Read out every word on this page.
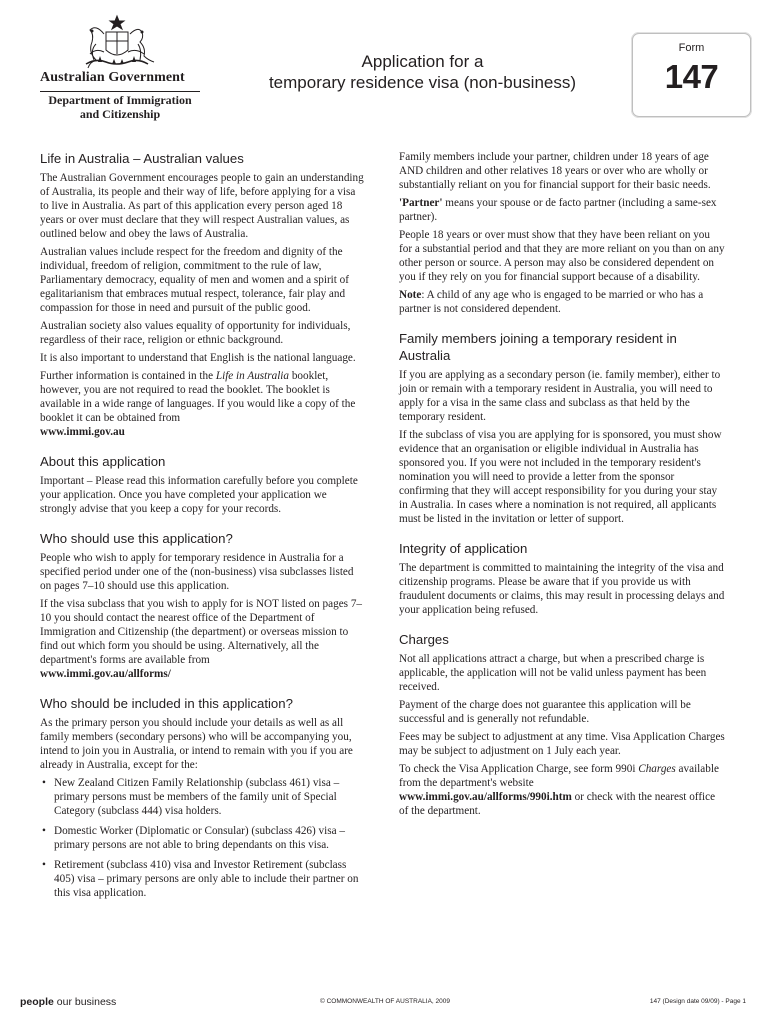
Australian Government
Department of Immigration
and Citizenship
Application for a
temporary residence visa (non-business)
Form
147
Life in Australia – Australian values

The Australian Government encourages people to gain an understanding of Australia, its people and their way of life, before applying for a visa to live in Australia. As part of this application every person aged 18 years or over must declare that they will respect Australian values, as outlined below and obey the laws of Australia.

Australian values include respect for the freedom and dignity of the individual, freedom of religion, commitment to the rule of law, Parliamentary democracy, equality of men and women and a spirit of egalitarianism that embraces mutual respect, tolerance, fair play and compassion for those in need and pursuit of the public good.

Australian society also values equality of opportunity for individuals, regardless of their race, religion or ethnic background.

It is also important to understand that English is the national language.

Further information is contained in the Life in Australia booklet, however, you are not required to read the booklet. The booklet is available in a wide range of languages. If you would like a copy of the booklet it can be obtained from
www.immi.gov.au

About this application

Important – Please read this information carefully before you complete your application. Once you have completed your application we strongly advise that you keep a copy for your records.

Who should use this application?

People who wish to apply for temporary residence in Australia for a specified period under one of the (non-business) visa subclasses listed on pages 7–10 should use this application.

If the visa subclass that you wish to apply for is NOT listed on pages 7–10 you should contact the nearest office of the Department of Immigration and Citizenship (the department) or overseas mission to find out which form you should be using. Alternatively, all the department's forms are available from
www.immi.gov.au/allforms/

Who should be included in this application?

As the primary person you should include your details as well as all family members (secondary persons) who will be accompanying you, intend to join you in Australia, or intend to remain with you if you are already in Australia, except for the:

• New Zealand Citizen Family Relationship (subclass 461) visa – primary persons must be members of the family unit of Special Category (subclass 444) visa holders.
• Domestic Worker (Diplomatic or Consular) (subclass 426) visa – primary persons are not able to bring dependants on this visa.
• Retirement (subclass 410) visa and Investor Retirement (subclass 405) visa – primary persons are only able to include their partner on this visa application.

Family members include your partner, children under 18 years of age AND children and other relatives 18 years or over who are wholly or substantially reliant on you for financial support for their basic needs.

'Partner' means your spouse or de facto partner (including a same-sex partner).

People 18 years or over must show that they have been reliant on you for a substantial period and that they are more reliant on you than on any other person or source. A person may also be considered dependent on you if they rely on you for financial support because of a disability.

Note: A child of any age who is engaged to be married or who has a partner is not considered dependent.

Family members joining a temporary resident in Australia

If you are applying as a secondary person (ie. family member), either to join or remain with a temporary resident in Australia, you will need to apply for a visa in the same class and subclass as that held by the temporary resident.

If the subclass of visa you are applying for is sponsored, you must show evidence that an organisation or eligible individual in Australia has sponsored you. If you were not included in the temporary resident's nomination you will need to provide a letter from the sponsor confirming that they will accept responsibility for you during your stay in Australia. In cases where a nomination is not required, all applicants must be listed in the invitation or letter of support.

Integrity of application

The department is committed to maintaining the integrity of the visa and citizenship programs. Please be aware that if you provide us with fraudulent documents or claims, this may result in processing delays and your application being refused.

Charges

Not all applications attract a charge, but when a prescribed charge is applicable, the application will not be valid unless payment has been received.

Payment of the charge does not guarantee this application will be successful and is generally not refundable.

Fees may be subject to adjustment at any time. Visa Application Charges may be subject to adjustment on 1 July each year.

To check the Visa Application Charge, see form 990i Charges available from the department's website
www.immi.gov.au/allforms/990i.htm or check with the nearest office of the department.

people our business	© COMMONWEALTH OF AUSTRALIA, 2009	147 (Design date 09/09) - Page 1
